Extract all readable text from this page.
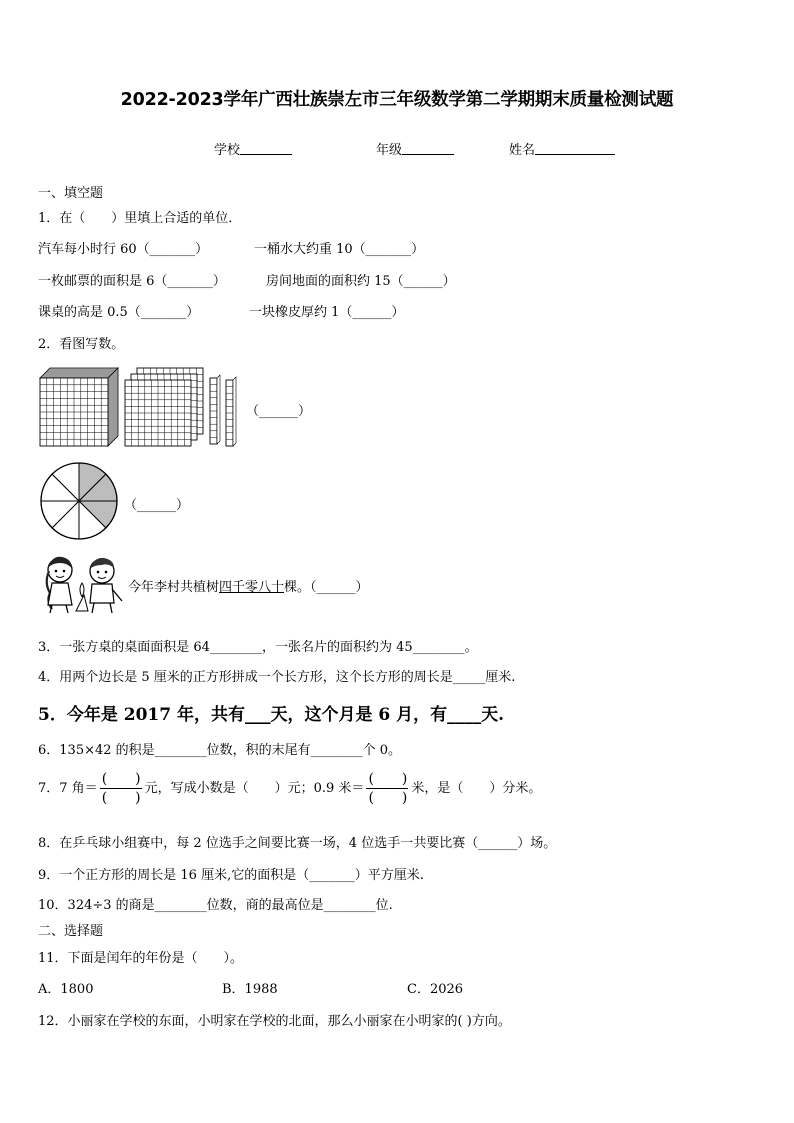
2022-2023学年广西壮族崇左市三年级数学第二学期期末质量检测试题
学校	年级	姓名
一、填空题
1．在（　　）里填上合适的单位．
汽车每小时行 60（_______）	一桶水大约重 10（_______）
一枚邮票的面积是 6（_______）	房间地面的面积约 15（______）
课桌的高是 0.5（_______）	一块橡皮厚约 1（______）
2．看图写数。
（______）
（______）
今年李村共植树四千零八十棵。（______）
3．一张方桌的桌面面积是 64________，一张名片的面积约为 45________。
4．用两个边长是 5 厘米的正方形拼成一个长方形，这个长方形的周长是_____厘米.
5．今年是 2017 年，共有___天，这个月是 6 月，有____天.
6．135×42 的积是________位数，积的末尾有________个 0。
7．7 角＝ $\frac{( )}{( )}$ 元，写成小数是（　　）元；0.9 米＝ $\frac{( )}{( )}$ 米，是（　　）分米。
8．在乒乓球小组赛中，每 2 位选手之间要比赛一场，4 位选手一共要比赛（______）场。
9．一个正方形的周长是 16 厘米,它的面积是（_______）平方厘米.
10．324÷3 的商是________位数，商的最高位是________位.
二、选择题
11．下面是闰年的年份是（　　）。
A．1800	B．1988	C．2026
12．小丽家在学校的东面，小明家在学校的北面，那么小丽家在小明家的( )方向。
